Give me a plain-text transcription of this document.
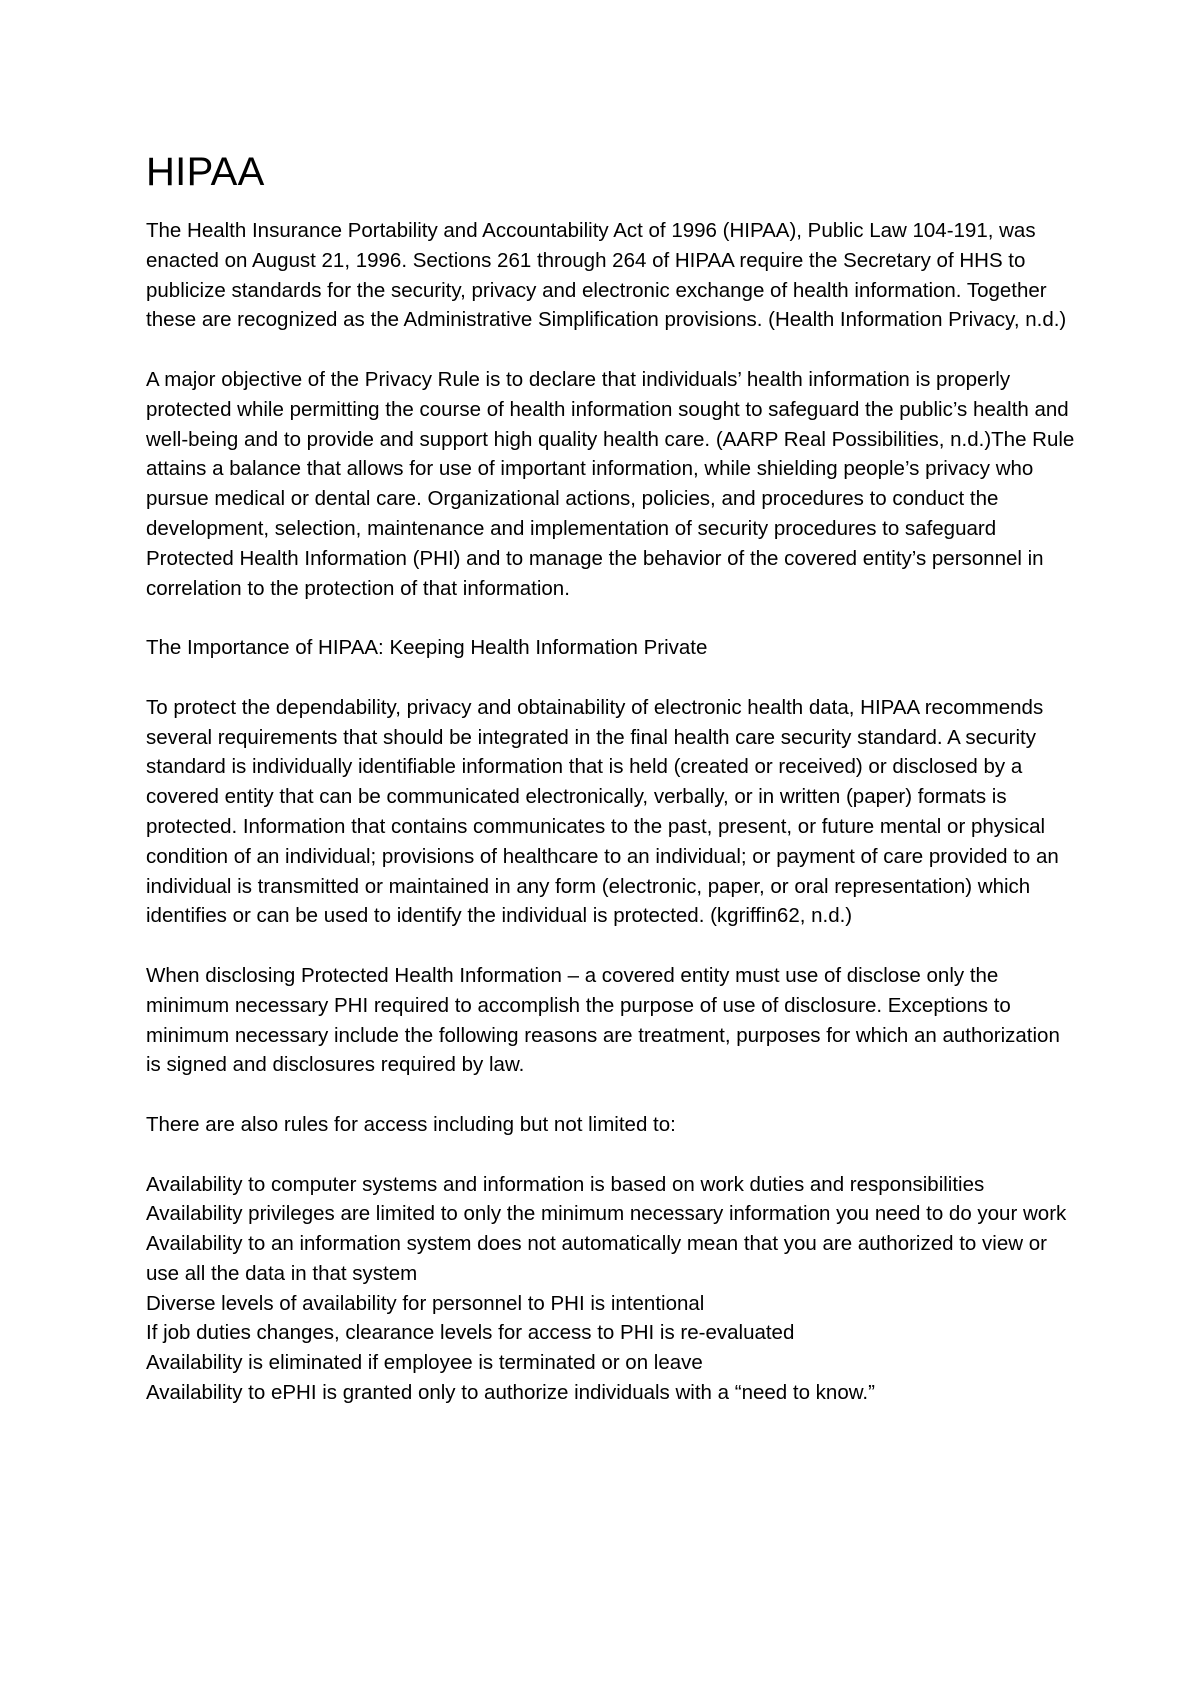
HIPAA

The Health Insurance Portability and Accountability Act of 1996 (HIPAA), Public Law 104-191, was enacted on August 21, 1996. Sections 261 through 264 of HIPAA require the Secretary of HHS to publicize standards for the security, privacy and electronic exchange of health information. Together these are recognized as the Administrative Simplification provisions. (Health Information Privacy, n.d.)

A major objective of the Privacy Rule is to declare that individuals’ health information is properly protected while permitting the course of health information sought to safeguard the public’s health and well-being and to provide and support high quality health care. (AARP Real Possibilities, n.d.)The Rule attains a balance that allows for use of important information, while shielding people’s privacy who pursue medical or dental care. Organizational actions, policies, and procedures to conduct the development, selection, maintenance and implementation of security procedures to safeguard Protected Health Information (PHI) and to manage the behavior of the covered entity’s personnel in correlation to the protection of that information.

The Importance of HIPAA: Keeping Health Information Private

To protect the dependability, privacy and obtainability of electronic health data, HIPAA recommends several requirements that should be integrated in the final health care security standard. A security standard is individually identifiable information that is held (created or received) or disclosed by a covered entity that can be communicated electronically, verbally, or in written (paper) formats is protected. Information that contains communicates to the past, present, or future mental or physical condition of an individual; provisions of healthcare to an individual; or payment of care provided to an individual is transmitted or maintained in any form (electronic, paper, or oral representation) which identifies or can be used to identify the individual is protected. (kgriffin62, n.d.)

When disclosing Protected Health Information – a covered entity must use of disclose only the minimum necessary PHI required to accomplish the purpose of use of disclosure. Exceptions to minimum necessary include the following reasons are treatment, purposes for which an authorization is signed and disclosures required by law.

There are also rules for access including but not limited to:

Availability to computer systems and information is based on work duties and responsibilities
Availability privileges are limited to only the minimum necessary information you need to do your work
Availability to an information system does not automatically mean that you are authorized to view or use all the data in that system
Diverse levels of availability for personnel to PHI is intentional
If job duties changes, clearance levels for access to PHI is re-evaluated
Availability is eliminated if employee is terminated or on leave
Availability to ePHI is granted only to authorize individuals with a “need to know.”
